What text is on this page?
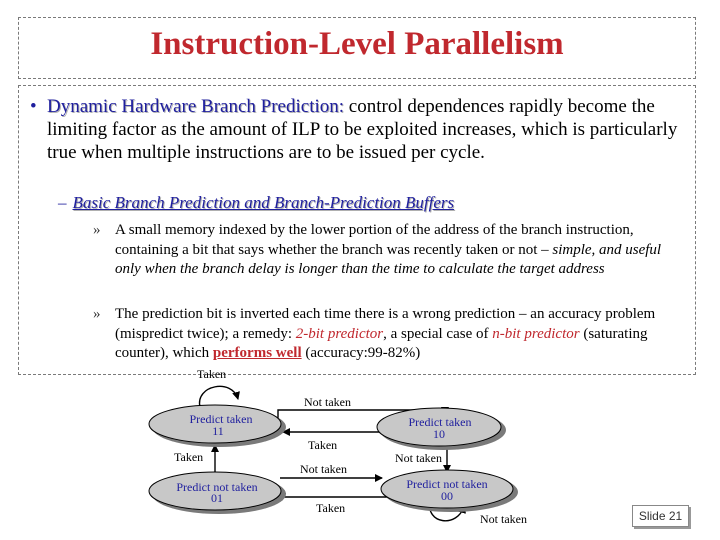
Instruction-Level Parallelism
• Dynamic Hardware Branch Prediction: control dependences rapidly become the limiting factor as the amount of ILP to be exploited increases, which is particularly true when multiple instructions are to be issued per cycle.
– Basic Branch Prediction and Branch-Prediction Buffers
» A small memory indexed by the lower portion of the address of the branch instruction, containing a bit that says whether the branch was recently taken or not – simple, and useful only when the branch delay is longer than the time to calculate the target address
» The prediction bit is inverted each time there is a wrong prediction – an accuracy problem (mispredict twice); a remedy: 2-bit predictor, a special case of n-bit predictor (saturating counter), which performs well (accuracy:99-82%)
Predict taken
11
Predict taken
10
Predict not taken
01
Predict not taken
00
Taken
Not taken
Taken
Not taken
Taken
Not taken
Taken
Not taken	Slide 21
